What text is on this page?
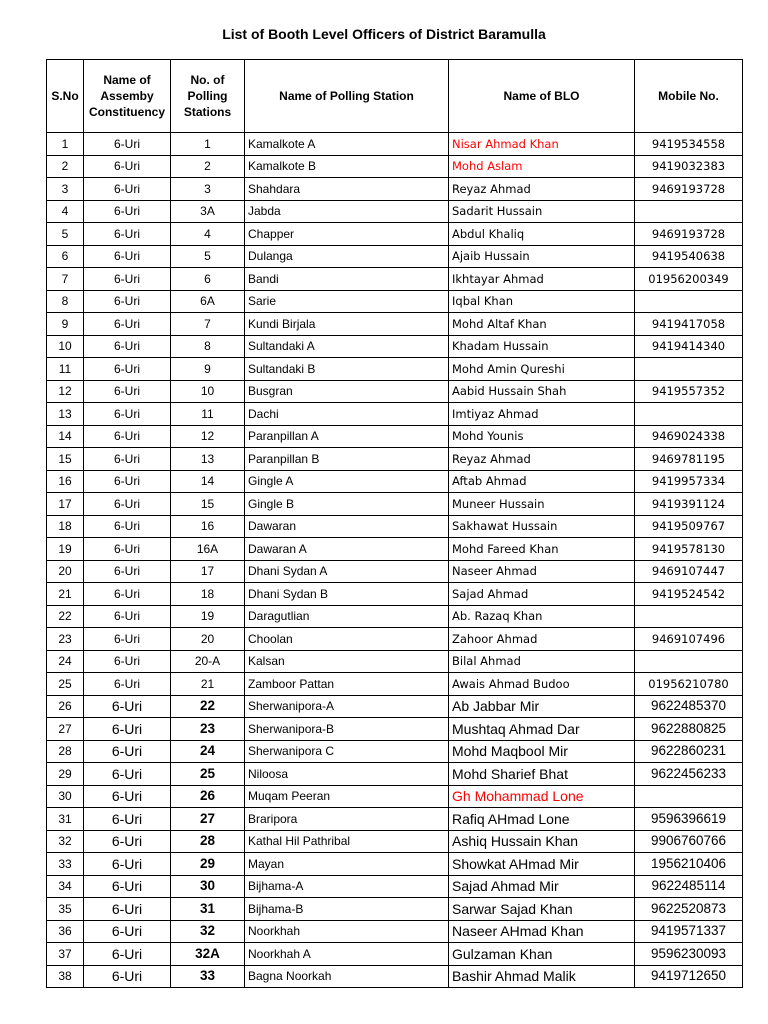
List of Booth Level Officers of District Baramulla
S.No	Name of Assemby Constituency	No. of Polling Stations	Name of Polling Station	Name of BLO	Mobile No.
1	6-Uri	1	Kamalkote A	Nisar Ahmad Khan	9419534558
2	6-Uri	2	Kamalkote B	Mohd Aslam	9419032383
3	6-Uri	3	Shahdara	Reyaz Ahmad	9469193728
4	6-Uri	3A	Jabda	Sadarit Hussain	
5	6-Uri	4	Chapper	Abdul Khaliq	9469193728
6	6-Uri	5	Dulanga	Ajaib Hussain	9419540638
7	6-Uri	6	Bandi	Ikhtayar Ahmad	01956200349
8	6-Uri	6A	Sarie	Iqbal Khan	
9	6-Uri	7	Kundi Birjala	Mohd Altaf Khan	9419417058
10	6-Uri	8	Sultandaki A	Khadam Hussain	9419414340
11	6-Uri	9	Sultandaki B	Mohd Amin Qureshi	
12	6-Uri	10	Busgran	Aabid Hussain Shah	9419557352
13	6-Uri	11	Dachi	Imtiyaz Ahmad	
14	6-Uri	12	Paranpillan A	Mohd Younis	9469024338
15	6-Uri	13	Paranpillan B	Reyaz Ahmad	9469781195
16	6-Uri	14	Gingle A	Aftab Ahmad	9419957334
17	6-Uri	15	Gingle B	Muneer Hussain	9419391124
18	6-Uri	16	Dawaran	Sakhawat Hussain	9419509767
19	6-Uri	16A	Dawaran A	Mohd Fareed Khan	9419578130
20	6-Uri	17	Dhani Sydan A	Naseer Ahmad	9469107447
21	6-Uri	18	Dhani Sydan B	Sajad Ahmad	9419524542
22	6-Uri	19	Daragutlian	Ab. Razaq Khan	
23	6-Uri	20	Choolan	Zahoor Ahmad	9469107496
24	6-Uri	20-A	Kalsan	Bilal Ahmad	
25	6-Uri	21	Zamboor Pattan	Awais Ahmad Budoo	01956210780
26	6-Uri	22	Sherwanipora-A	Ab Jabbar Mir	9622485370
27	6-Uri	23	Sherwanipora-B	Mushtaq Ahmad Dar	9622880825
28	6-Uri	24	Sherwanipora C	Mohd Maqbool Mir	9622860231
29	6-Uri	25	Niloosa	Mohd Sharief Bhat	9622456233
30	6-Uri	26	Muqam Peeran	Gh Mohammad Lone	
31	6-Uri	27	Braripora	Rafiq AHmad Lone	9596396619
32	6-Uri	28	Kathal Hil Pathribal	Ashiq Hussain Khan	9906760766
33	6-Uri	29	Mayan	Showkat AHmad Mir	1956210406
34	6-Uri	30	Bijhama-A	Sajad Ahmad Mir	9622485114
35	6-Uri	31	Bijhama-B	Sarwar Sajad Khan	9622520873
36	6-Uri	32	Noorkhah	Naseer AHmad Khan	9419571337
37	6-Uri	32A	Noorkhah A	Gulzaman Khan	9596230093
38	6-Uri	33	Bagna Noorkah	Bashir Ahmad Malik	9419712650
